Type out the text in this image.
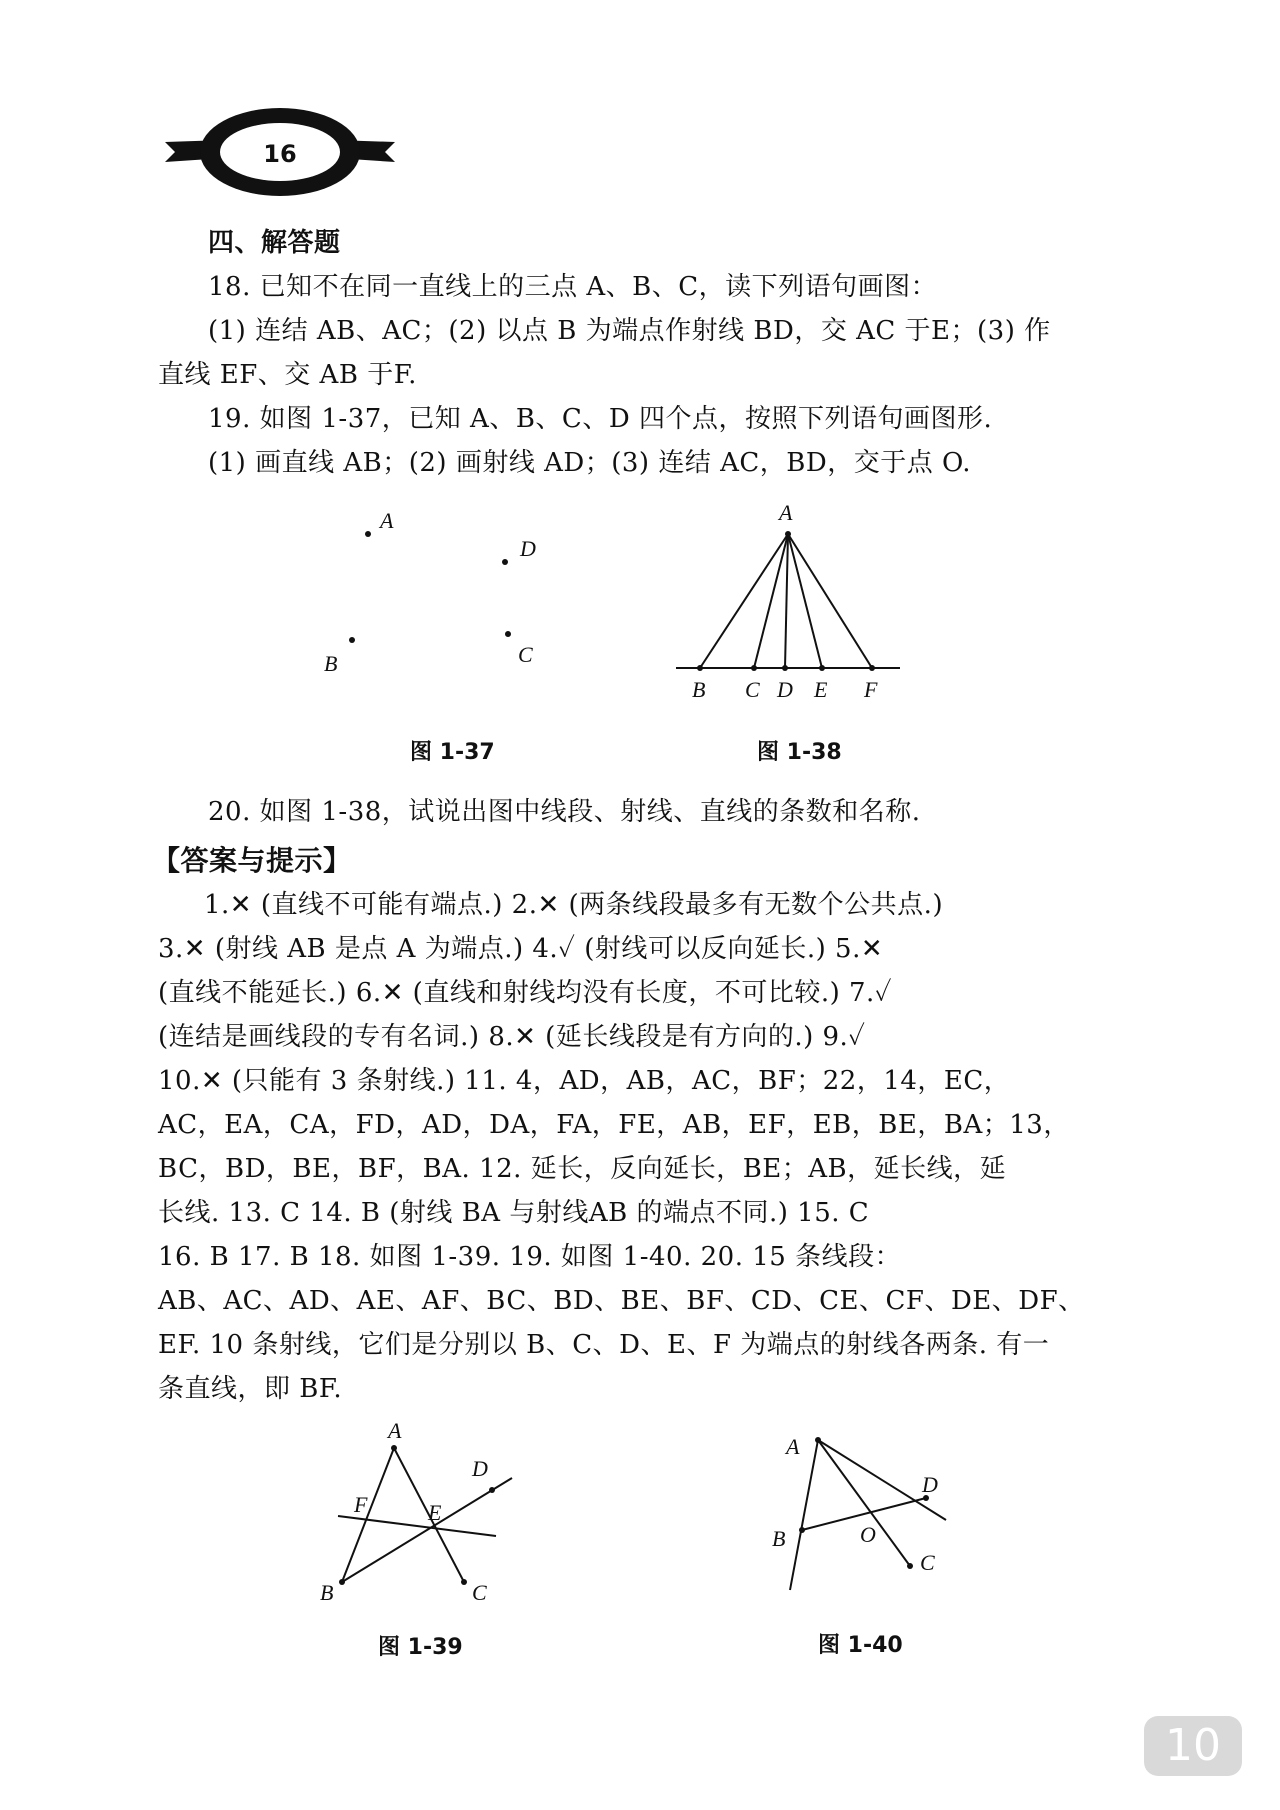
16
四、解答题
18. 已知不在同一直线上的三点 A、B、C，读下列语句画图：
(1) 连结 AB、AC；(2) 以点 B 为端点作射线 BD，交 AC 于E；(3) 作
直线 EF、交 AB 于F.
19. 如图 1-37，已知 A、B、C、D 四个点，按照下列语句画图形.
(1) 画直线 AB；(2) 画射线 AD；(3) 连结 AC，BD，交于点 O.
A
D
B	C
图 1-37
A
B C D E F
图 1-38
20. 如图 1-38，试说出图中线段、射线、直线的条数和名称.
【答案与提示】
1.✕ (直线不可能有端点.) 2.✕ (两条线段最多有无数个公共点.)
3.✕ (射线 AB 是点 A 为端点.) 4.✓ (射线可以反向延长.) 5.✕
(直线不能延长.) 6.✕ (直线和射线均没有长度，不可比较.) 7.✓
(连结是画线段的专有名词.) 8.✕ (延长线段是有方向的.) 9.✓
10.✕ (只能有 3 条射线.) 11. 4，AD，AB，AC，BF；22，14，EC，
AC，EA，CA，FD，AD，DA，FA，FE，AB，EF，EB，BE，BA；13，
BC，BD，BE，BF，BA. 12. 延长，反向延长，BE；AB，延长线，延
长线. 13. C 14. B (射线 BA 与射线AB 的端点不同.) 15. C
16. B 17. B 18. 如图 1-39. 19. 如图 1-40. 20. 15 条线段：
AB、AC、AD、AE、AF、BC、BD、BE、BF、CD、CE、CF、DE、DF、
EF. 10 条射线，它们是分别以 B、C、D、E、F 为端点的射线各两条. 有一
条直线，即 BF.
A
F	E
D
B	C
图 1-39
A
D
O
B
C
图 1-40
10
